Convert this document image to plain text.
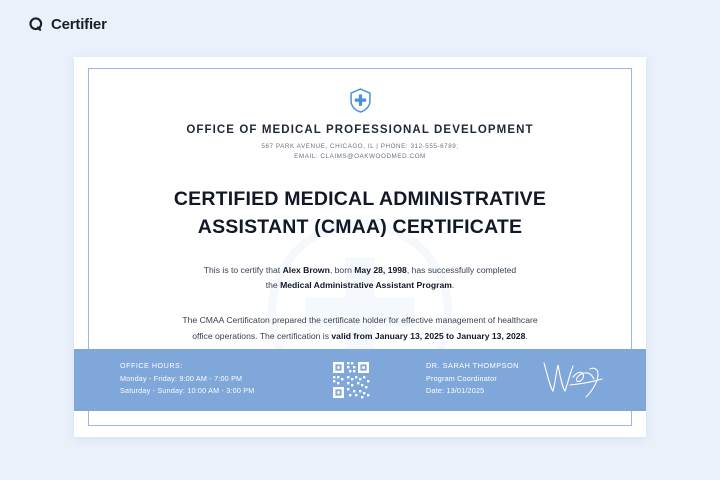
Certifier

OFFICE OF MEDICAL PROFESSIONAL DEVELOPMENT

567 PARK AVENUE, CHICAGO, IL | PHONE: 312-555-6789;

EMAIL: CLAIMS@OAKWOODMED.COM

CERTIFIED MEDICAL ADMINISTRATIVE
ASSISTANT (CMAA) CERTIFICATE
This is to certify that Alex Brown, born May 28, 1998, has successfully completed
the Medical Administrative Assistant Program.
The CMAA Certificaton prepared the certificate holder for effective management of healthcare
office operations. The certification is valid from January 13, 2025 to January 13, 2028.
OFFICE HOURS:
Monday - Friday: 9:00 AM - 7:00 PM
Saturday - Sunday: 10:00 AM - 3:00 PM
DR. SARAH THOMPSON
Program Coordinator
Date: 13/01/2025
